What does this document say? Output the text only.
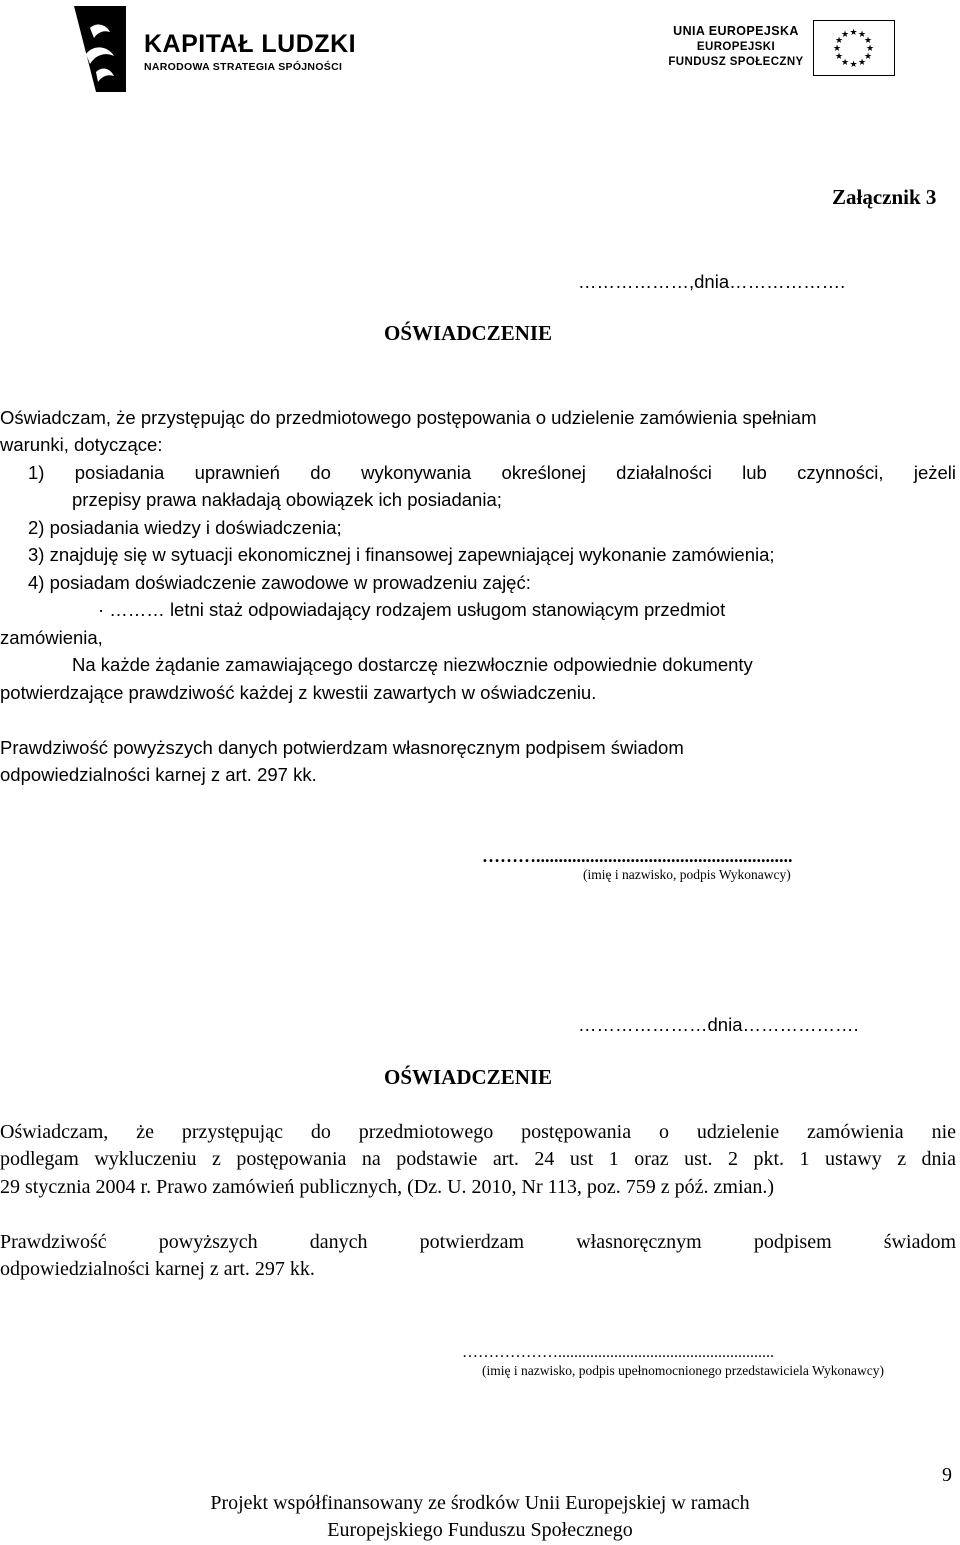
KAPITAŁ LUDZKI
NARODOWA STRATEGIA SPÓJNOŚCI
UNIA EUROPEJSKA
EUROPEJSKI
FUNDUSZ SPOŁECZNY
★ ★
★
★
★
★
★
★
★
★
★
★
Załącznik 3
………………,dnia……………….
OŚWIADCZENIE
Oświadczam, że przystępując do przedmiotowego postępowania o udzielenie zamówienia spełniam
warunki, dotyczące:
1) posiadania uprawnień do wykonywania określonej działalności lub czynności, jeżeli
przepisy prawa nakładają obowiązek ich posiadania;
2) posiadania wiedzy i doświadczenia;
3) znajduję się w sytuacji ekonomicznej i finansowej zapewniającej wykonanie zamówienia;
4) posiadam doświadczenie zawodowe w prowadzeniu zajęć:
· ……… letni staż odpowiadający rodzajem usługom stanowiącym przedmiot
zamówienia,
Na każde żądanie zamawiającego dostarczę niezwłocznie odpowiednie dokumenty
potwierdzające prawdziwość każdej z kwestii zawartych w oświadczeniu.
Prawdziwość powyższych danych potwierdzam własnoręcznym podpisem świadom
odpowiedzialności karnej z art. 297 kk.
……….........................................................
(imię i nazwisko, podpis Wykonawcy)
…………………dnia……………….
OŚWIADCZENIE
Oświadczam, że przystępując do przedmiotowego postępowania o udzielenie zamówienia nie
podlegam wykluczeniu z postępowania na podstawie art. 24 ust 1 oraz ust. 2 pkt. 1 ustawy z dnia
29 stycznia 2004 r. Prawo zamówień publicznych, (Dz. U. 2010, Nr 113, poz. 759 z póź. zmian.)
Prawdziwość powyższych danych potwierdzam własnoręcznym podpisem świadom
odpowiedzialności karnej z art. 297 kk.
………………......................................................
(imię i nazwisko, podpis upełnomocnionego przedstawiciela Wykonawcy)
9
Projekt współfinansowany ze środków Unii Europejskiej w ramach
Europejskiego Funduszu Społecznego
